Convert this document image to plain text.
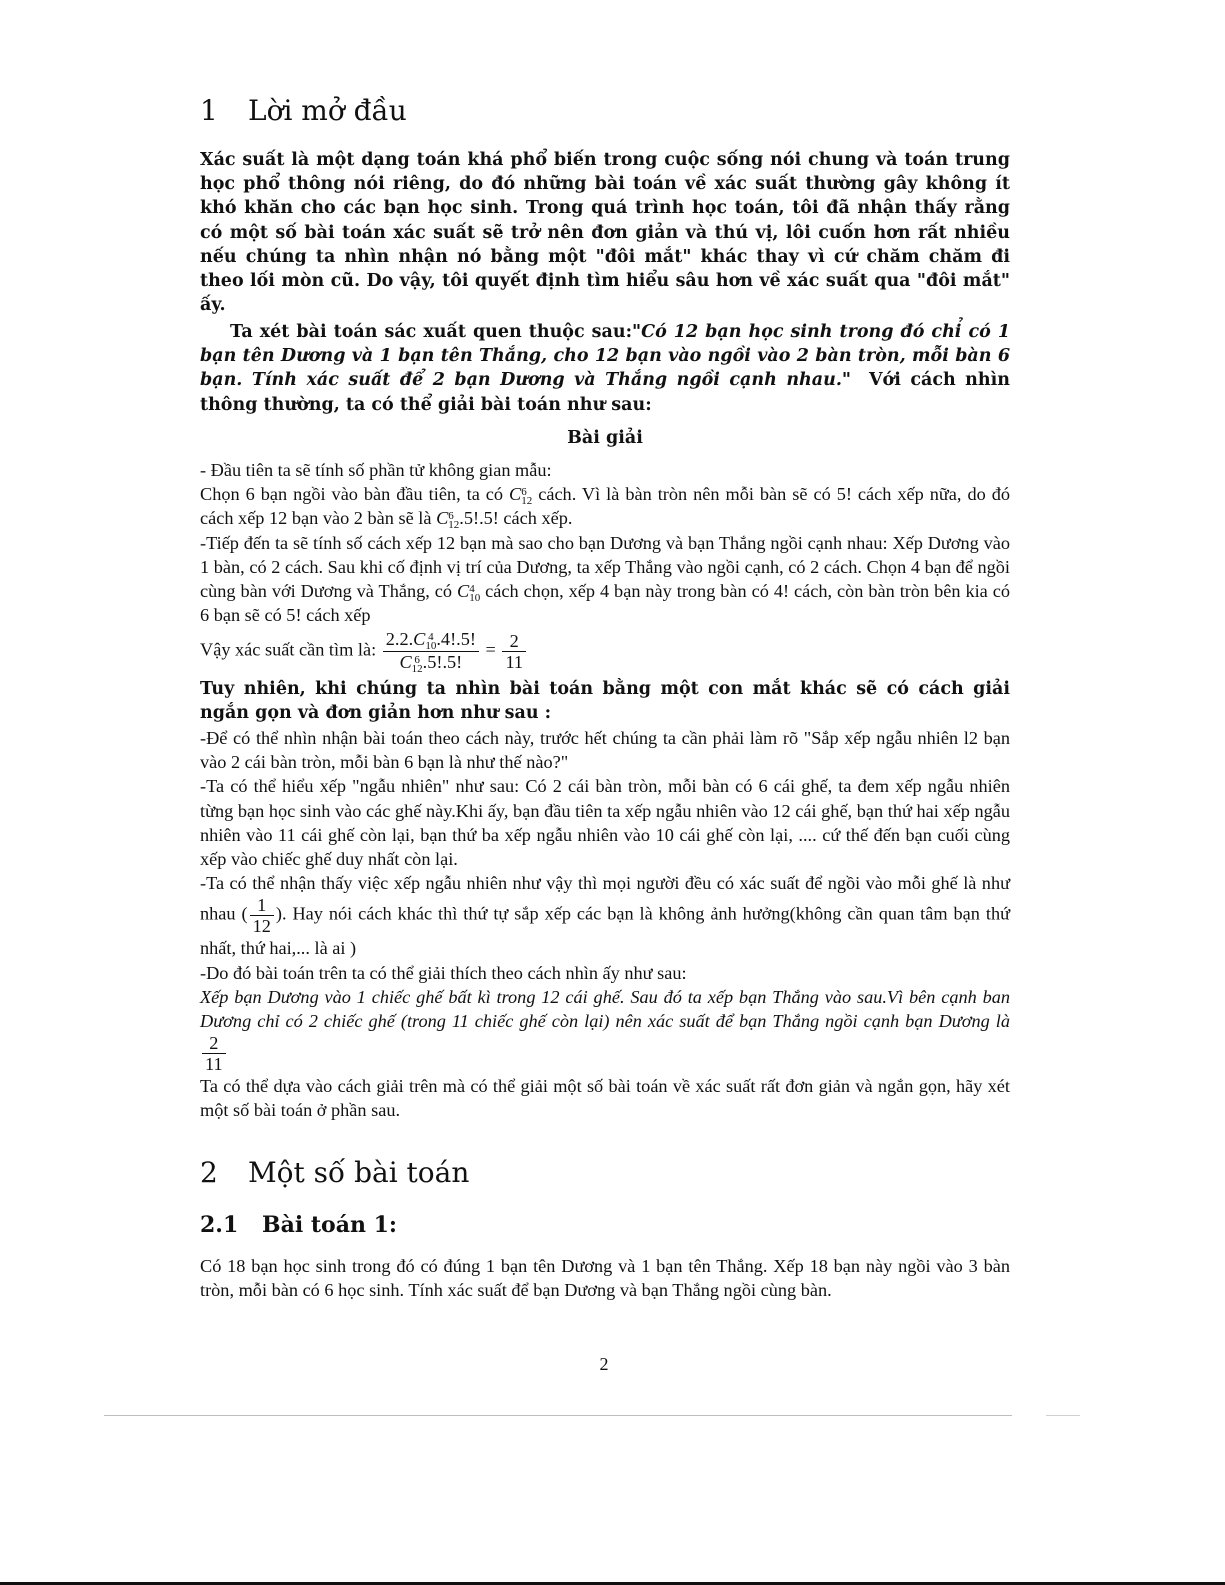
1 Lời mở đầu

Xác suất là một dạng toán khá phổ biến trong cuộc sống nói chung và toán trung học phổ thông nói riêng, do đó những bài toán về xác suất thường gây không ít khó khăn cho các bạn học sinh. Trong quá trình học toán, tôi đã nhận thấy rằng có một số bài toán xác suất sẽ trở nên đơn giản và thú vị, lôi cuốn hơn rất nhiều nếu chúng ta nhìn nhận nó bằng một "đôi mắt" khác thay vì cứ chăm chăm đi theo lối mòn cũ. Do vậy, tôi quyết định tìm hiểu sâu hơn về xác suất qua "đôi mắt" ấy.

Ta xét bài toán sác xuất quen thuộc sau:"Có 12 bạn học sinh trong đó chỉ có 1 bạn tên Dương và 1 bạn tên Thắng, cho 12 bạn vào ngồi vào 2 bàn tròn, mỗi bàn 6 bạn. Tính xác suất để 2 bạn Dương và Thắng ngồi cạnh nhau." Với cách nhìn thông thường, ta có thể giải bài toán như sau:

Bài giải

- Đầu tiên ta sẽ tính số phần tử không gian mẫu:

Chọn 6 bạn ngồi vào bàn đầu tiên, ta có C 6
12 cách. Vì là bàn tròn nên mỗi bàn sẽ có 5! cách xếp nữa, do đó cách xếp 12 bạn vào 2 bàn sẽ là C 6
12 .5!.5! cách xếp.

-Tiếp đến ta sẽ tính số cách xếp 12 bạn mà sao cho bạn Dương và bạn Thắng ngồi cạnh nhau: Xếp Dương vào 1 bàn, có 2 cách. Sau khi cố định vị trí của Dương, ta xếp Thắng vào ngồi cạnh, có 2 cách. Chọn 4 bạn để ngồi cùng bàn với Dương và Thắng, có C 4
10 cách chọn, xếp 4 bạn này trong bàn có 4! cách, còn bàn tròn bên kia có 6 bạn sẽ có 5! cách xếp

Vậy xác suất cần tìm là: 2.2.C 4
10 .4!.5!
C 6
12 .5!.5! = $\frac{2}{11}$

Tuy nhiên, khi chúng ta nhìn bài toán bằng một con mắt khác sẽ có cách giải ngắn gọn và đơn giản hơn như sau :

-Để có thể nhìn nhận bài toán theo cách này, trước hết chúng ta cần phải làm rõ "Sắp xếp ngẫu nhiên l2 bạn vào 2 cái bàn tròn, mỗi bàn 6 bạn là như thế nào?"

-Ta có thể hiểu xếp "ngẫu nhiên" như sau: Có 2 cái bàn tròn, mỗi bàn có 6 cái ghế, ta đem xếp ngẫu nhiên từng bạn học sinh vào các ghế này.Khi ấy, bạn đầu tiên ta xếp ngẫu nhiên vào 12 cái ghế, bạn thứ hai xếp ngẫu nhiên vào 11 cái ghế còn lại, bạn thứ ba xếp ngẫu nhiên vào 10 cái ghế còn lại, .... cứ thế đến bạn cuối cùng xếp vào chiếc ghế duy nhất còn lại.

-Ta có thể nhận thấy việc xếp ngẫu nhiên như vậy thì mọi người đều có xác suất để ngồi vào mỗi ghế là như nhau ( $\frac{1}{12}$ ). Hay nói cách khác thì thứ tự sắp xếp các bạn là không ảnh hưởng(không cần quan tâm bạn thứ nhất, thứ hai,... là ai )

-Do đó bài toán trên ta có thể giải thích theo cách nhìn ấy như sau:

Xếp bạn Dương vào 1 chiếc ghế bất kì trong 12 cái ghế. Sau đó ta xếp bạn Thắng vào sau.Vì bên cạnh ban Dương chỉ có 2 chiếc ghế (trong 11 chiếc ghế còn lại) nên xác suất để bạn Thắng ngồi cạnh bạn Dương là
$\frac{2}{11}$

Ta có thể dựa vào cách giải trên mà có thể giải một số bài toán về xác suất rất đơn giản và ngắn gọn, hãy xét một số bài toán ở phần sau.

2 Một số bài toán
2.1 Bài toán 1:

Có 18 bạn học sinh trong đó có đúng 1 bạn tên Dương và 1 bạn tên Thắng. Xếp 18 bạn này ngồi vào 3 bàn tròn, mỗi bàn có 6 học sinh. Tính xác suất để bạn Dương và bạn Thắng ngồi cùng bàn.

2
